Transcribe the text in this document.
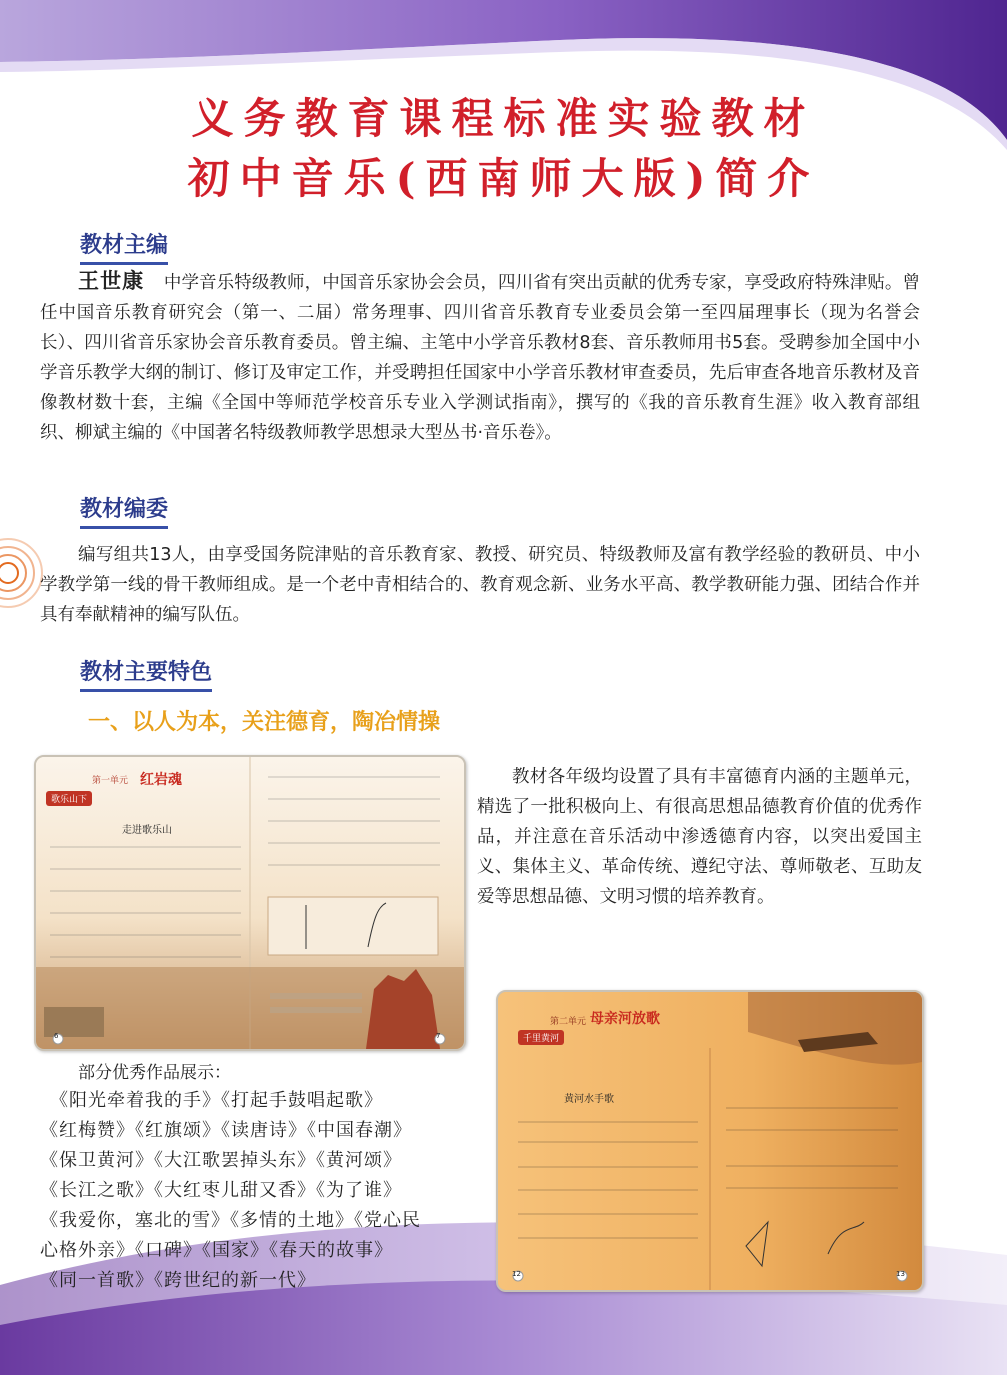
义务教育课程标准实验教材
初中音乐(西南师大版)简介
教材主编
王世康 中学音乐特级教师，中国音乐家协会会员，四川省有突出贡献的优秀专家，享受政府特殊津贴。曾任中国音乐教育研究会（第一、二届）常务理事、四川省音乐教育专业委员会第一至四届理事长（现为名誉会长）、四川省音乐家协会音乐教育委员。曾主编、主笔中小学音乐教材8套、音乐教师用书5套。受聘参加全国中小学音乐教学大纲的制订、修订及审定工作，并受聘担任国家中小学音乐教材审查委员，先后审查各地音乐教材及音像教材数十套，主编《全国中等师范学校音乐专业入学测试指南》，撰写的《我的音乐教育生涯》收入教育部组织、柳斌主编的《中国著名特级教师教学思想录大型丛书·音乐卷》。
教材编委
编写组共13人，由享受国务院津贴的音乐教育家、教授、研究员、特级教师及富有教学经验的教研员、中小学教学第一线的骨干教师组成。是一个老中青相结合的、教育观念新、业务水平高、教学教研能力强、团结合作并具有奉献精神的编写队伍。
教材主要特色
一、以人为本，关注德育，陶冶情操
第一单元 红岩魂
歌乐山下
走进歌乐山
6	7
教材各年级均设置了具有丰富德育内涵的主题单元，精选了一批积极向上、有很高思想品德教育价值的优秀作品，并注意在音乐活动中渗透德育内容，以突出爱国主义、集体主义、革命传统、遵纪守法、尊师敬老、互助友爱等思想品德、文明习惯的培养教育。
第二单元 母亲河放歌
千里黄河
黄河水手歌
12	13
部分优秀作品展示：
　《阳光牵着我的手》《打起手鼓唱起歌》
《红梅赞》《红旗颂》《读唐诗》《中国春潮》
《保卫黄河》《大江歌罢掉头东》《黄河颂》
《长江之歌》《大红枣儿甜又香》《为了谁》
《我爱你，塞北的雪》《多情的土地》《党心民
心格外亲》《口碑》《国家》《春天的故事》
《同一首歌》《跨世纪的新一代》
